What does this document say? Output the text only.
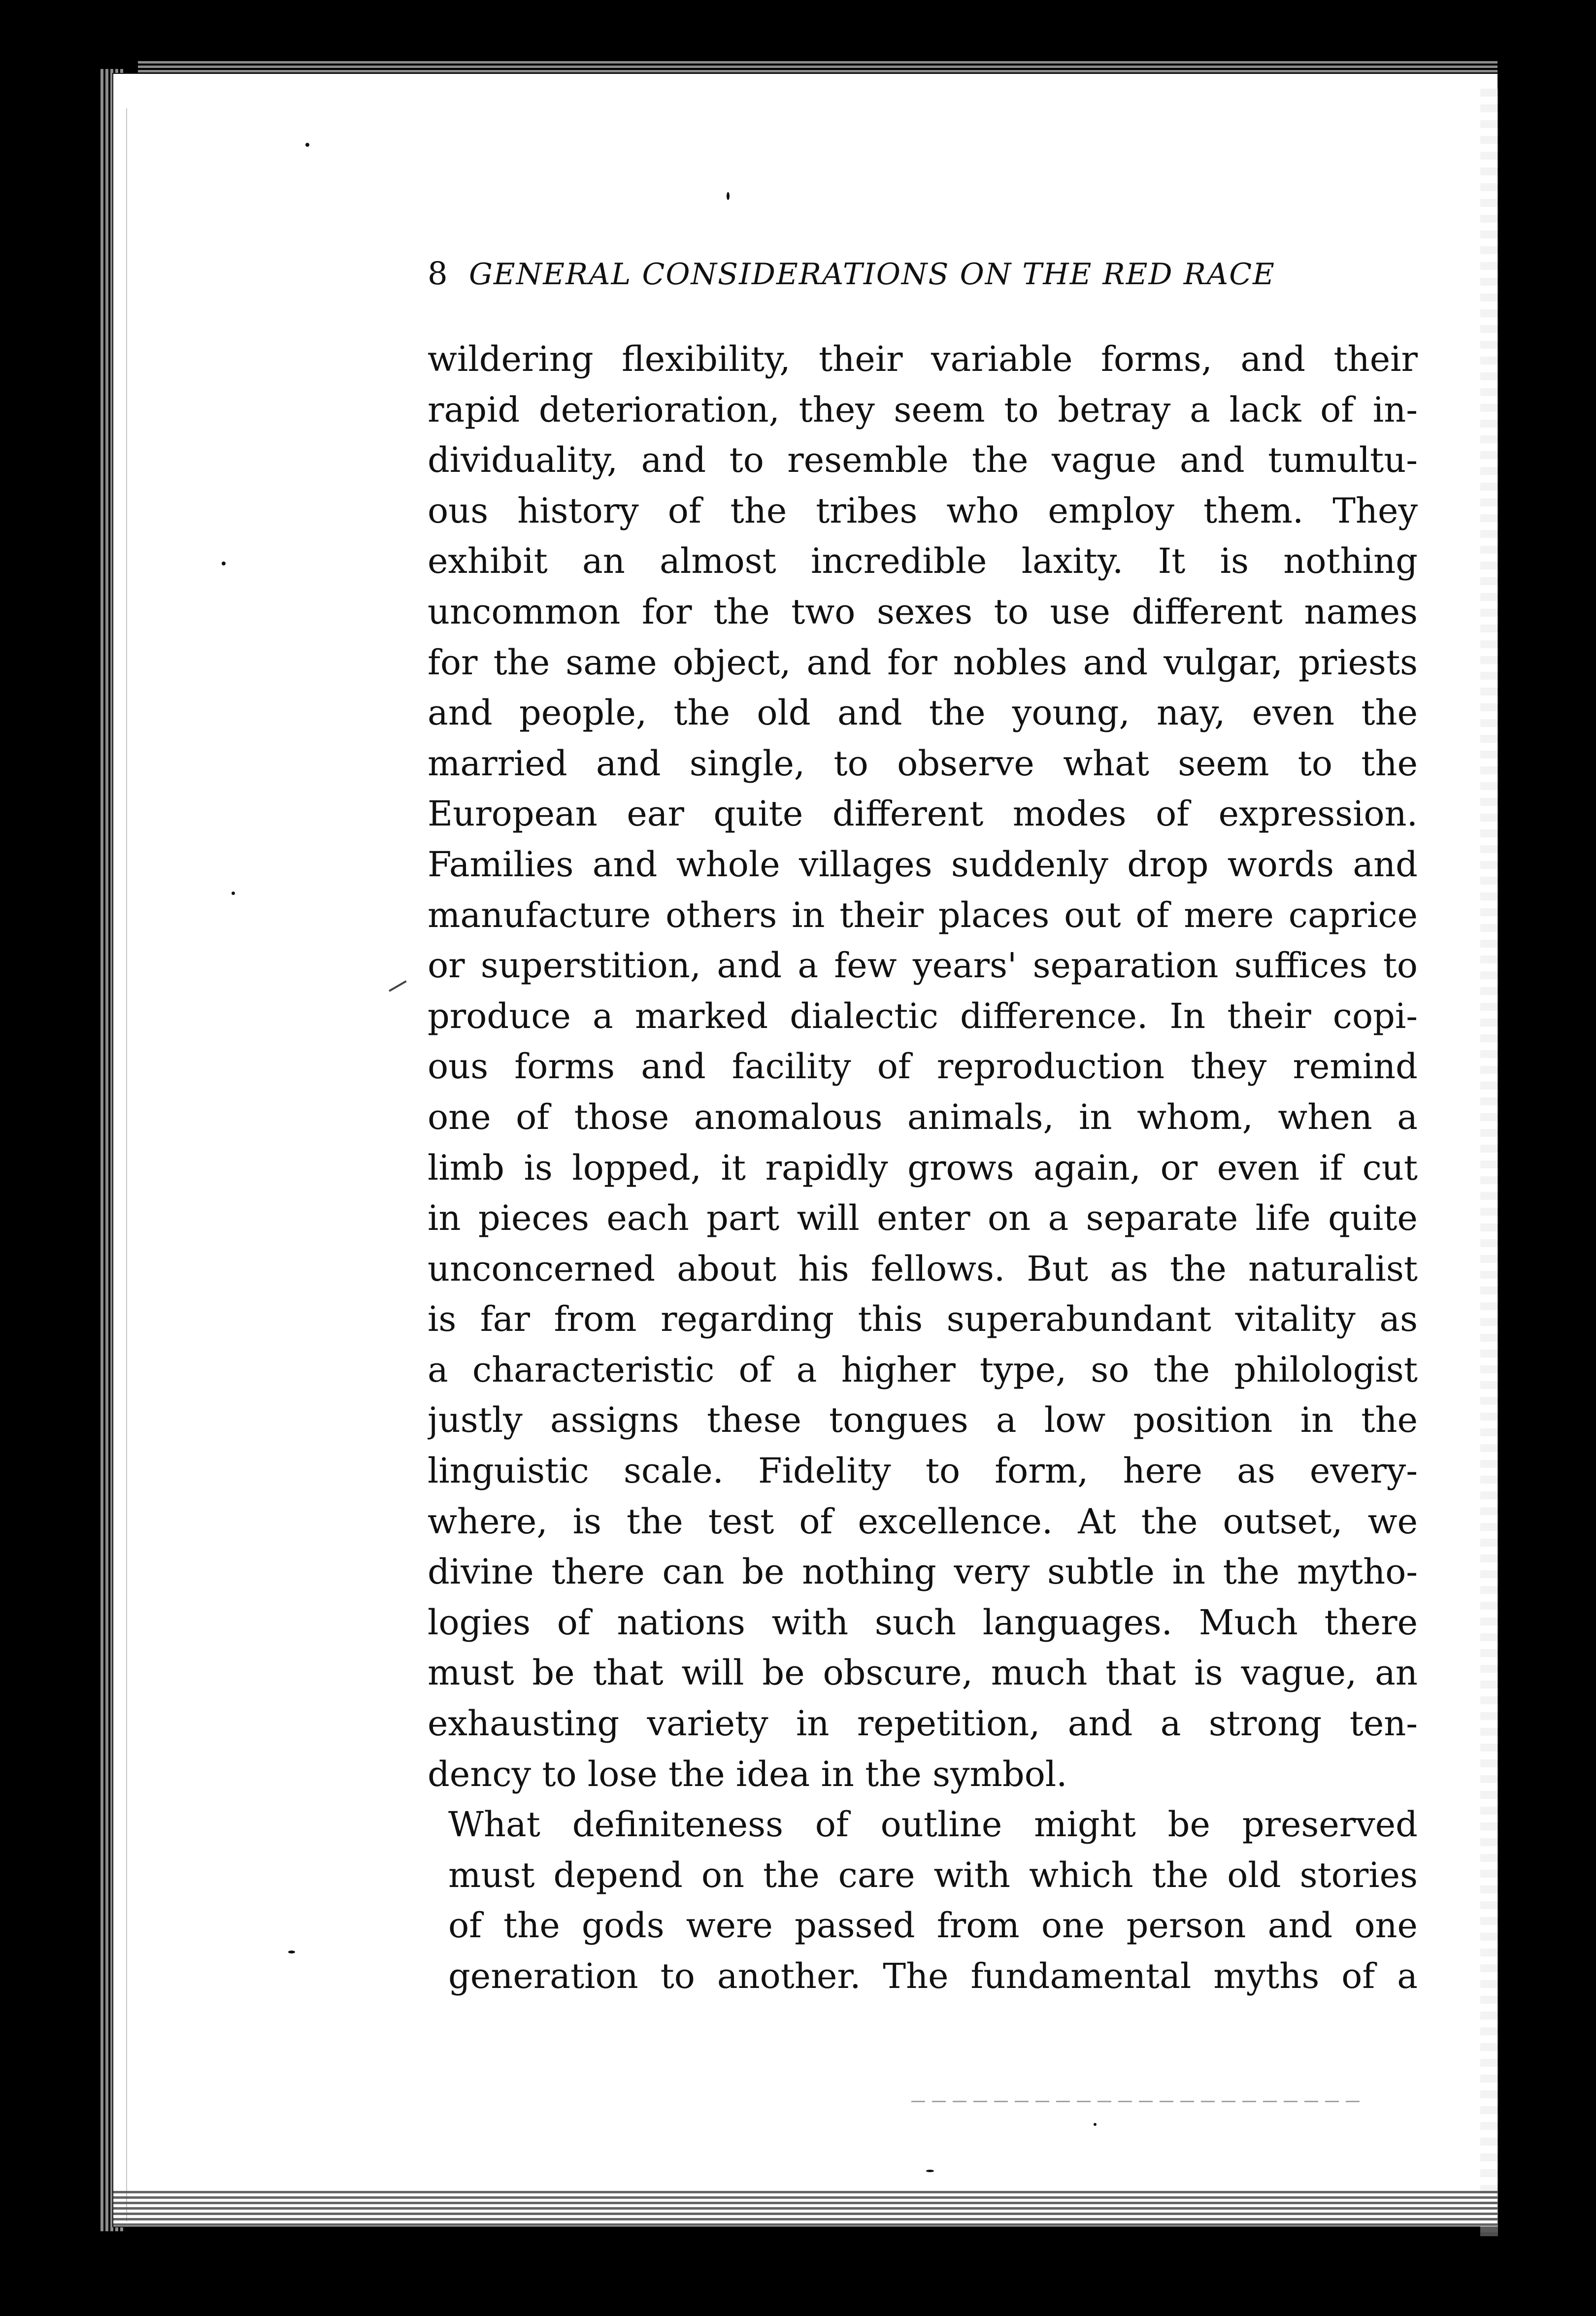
8 GENERAL CONSIDERATIONS ON THE RED RACE
wildering flexibility, their variable forms, and their
rapid deterioration, they seem to betray a lack of in-
dividuality, and to resemble the vague and tumultu-
ous history of the tribes who employ them. They
exhibit an almost incredible laxity. It is nothing
uncommon for the two sexes to use different names
for the same object, and for nobles and vulgar, priests
and people, the old and the young, nay, even the
married and single, to observe what seem to the
European ear quite different modes of expression.
Families and whole villages suddenly drop words and
manufacture others in their places out of mere caprice
or superstition, and a few years' separation suffices to
produce a marked dialectic difference. In their copi-
ous forms and facility of reproduction they remind
one of those anomalous animals, in whom, when a
limb is lopped, it rapidly grows again, or even if cut
in pieces each part will enter on a separate life quite
unconcerned about his fellows. But as the naturalist
is far from regarding this superabundant vitality as
a characteristic of a higher type, so the philologist
justly assigns these tongues a low position in the
linguistic scale. Fidelity to form, here as every-
where, is the test of excellence. At the outset, we
divine there can be nothing very subtle in the mytho-
logies of nations with such languages. Much there
must be that will be obscure, much that is vague, an
exhausting variety in repetition, and a strong ten-
dency to lose the idea in the symbol.
What definiteness of outline might be preserved
must depend on the care with which the old stories
of the gods were passed from one person and one
generation to another. The fundamental myths of a
